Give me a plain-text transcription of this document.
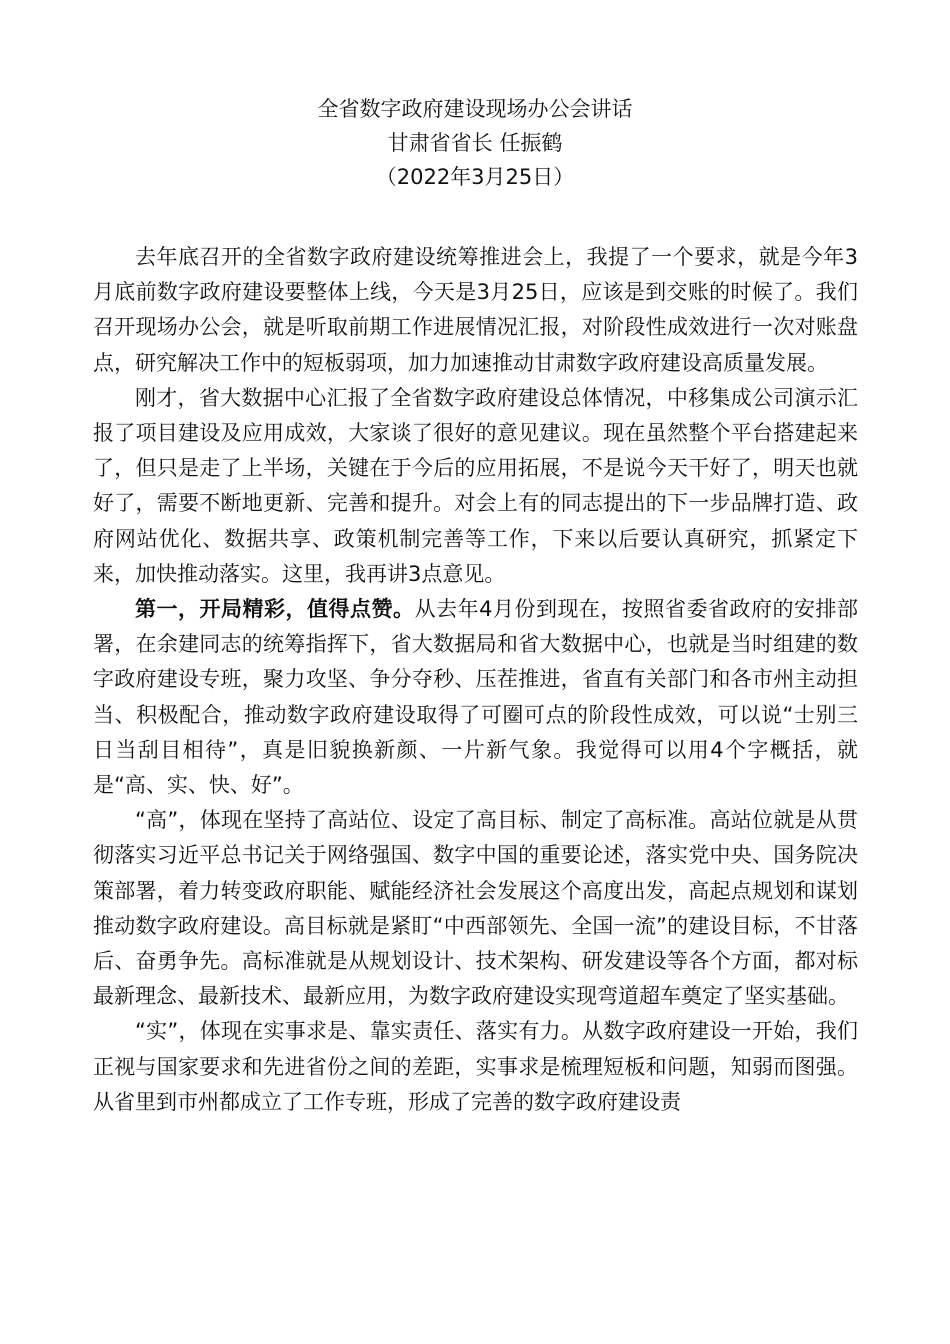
全省数字政府建设现场办公会讲话
甘肃省省长 任振鹤
（2022年3月25日）

去年底召开的全省数字政府建设统筹推进会上，我提了一个要求，就是今年3月底前数字政府建设要整体上线，今天是3月25日，应该是到交账的时候了。我们召开现场办公会，就是听取前期工作进展情况汇报，对阶段性成效进行一次对账盘点，研究解决工作中的短板弱项，加力加速推动甘肃数字政府建设高质量发展。

刚才，省大数据中心汇报了全省数字政府建设总体情况，中移集成公司演示汇报了项目建设及应用成效，大家谈了很好的意见建议。现在虽然整个平台搭建起来了，但只是走了上半场，关键在于今后的应用拓展，不是说今天干好了，明天也就好了，需要不断地更新、完善和提升。对会上有的同志提出的下一步品牌打造、政府网站优化、数据共享、政策机制完善等工作，下来以后要认真研究，抓紧定下来，加快推动落实。这里，我再讲3点意见。

第一，开局精彩，值得点赞。从去年4月份到现在，按照省委省政府的安排部署，在余建同志的统筹指挥下，省大数据局和省大数据中心，也就是当时组建的数字政府建设专班，聚力攻坚、争分夺秒、压茬推进，省直有关部门和各市州主动担当、积极配合，推动数字政府建设取得了可圈可点的阶段性成效，可以说“士别三日当刮目相待”，真是旧貌换新颜、一片新气象。我觉得可以用4个字概括，就是“高、实、快、好”。

“高”，体现在坚持了高站位、设定了高目标、制定了高标准。高站位就是从贯彻落实习近平总书记关于网络强国、数字中国的重要论述，落实党中央、国务院决策部署，着力转变政府职能、赋能经济社会发展这个高度出发，高起点规划和谋划推动数字政府建设。高目标就是紧盯“中西部领先、全国一流”的建设目标，不甘落后、奋勇争先。高标准就是从规划设计、技术架构、研发建设等各个方面，都对标最新理念、最新技术、最新应用，为数字政府建设实现弯道超车奠定了坚实基础。

“实”，体现在实事求是、靠实责任、落实有力。从数字政府建设一开始，我们正视与国家要求和先进省份之间的差距，实事求是梳理短板和问题，知弱而图强。从省里到市州都成立了工作专班，形成了完善的数字政府建设责
